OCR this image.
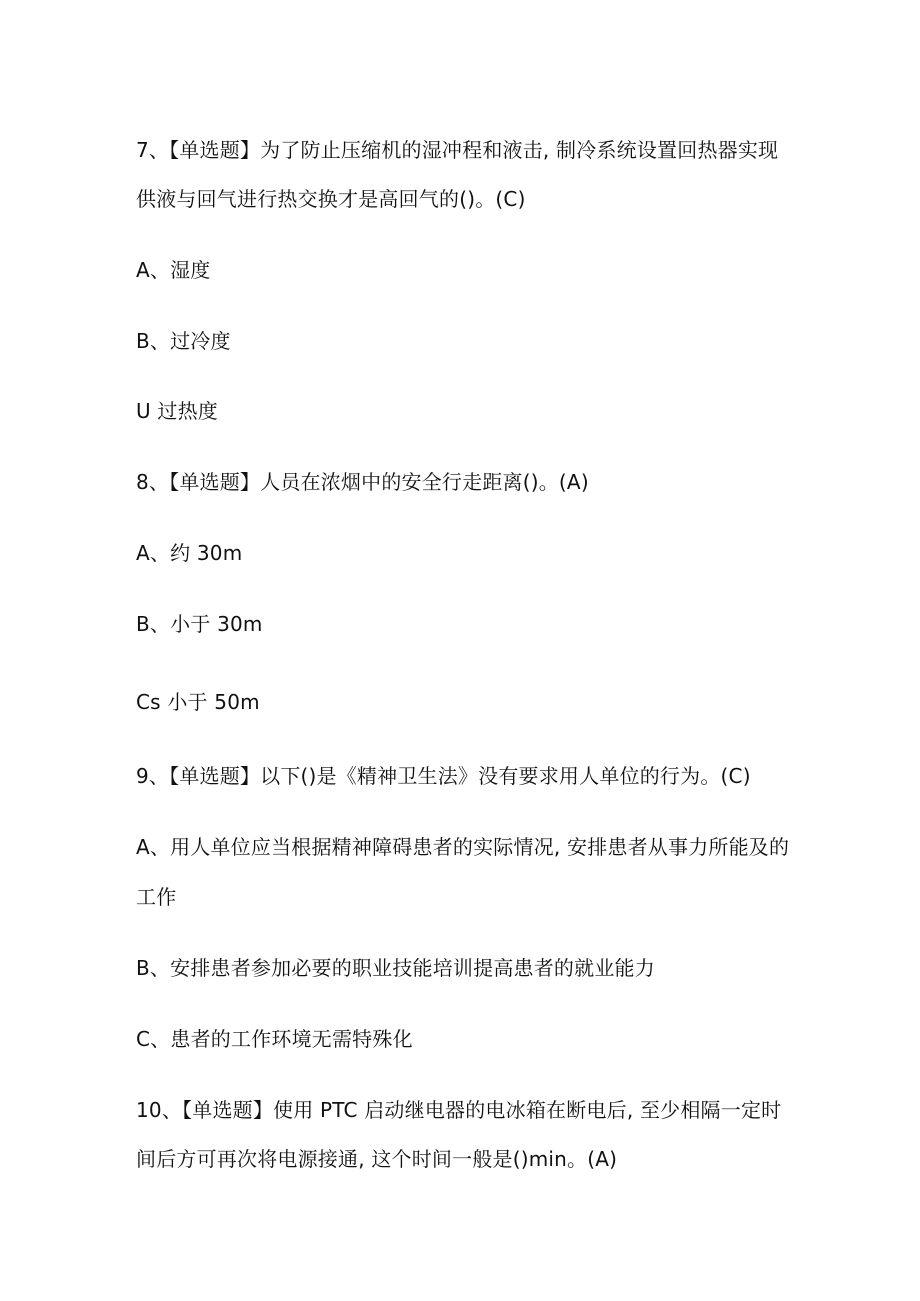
7、【单选题】为了防止压缩机的湿冲程和液击, 制冷系统设置回热器实现
供液与回气进行热交换才是高回气的()。(C)
A、湿度
B、过冷度
U 过热度
8、【单选题】人员在浓烟中的安全行走距离()。(A)
A、约 30m
B、小于 30m
Cs 小于 50m
9、【单选题】以下()是《精神卫生法》没有要求用人单位的行为。(C)
A、用人单位应当根据精神障碍患者的实际情况, 安排患者从事力所能及的
工作
B、安排患者参加必要的职业技能培训提高患者的就业能力
C、患者的工作环境无需特殊化
10、【单选题】使用 PTC 启动继电器的电冰箱在断电后, 至少相隔一定时
间后方可再次将电源接通, 这个时间一般是()min。(A)
